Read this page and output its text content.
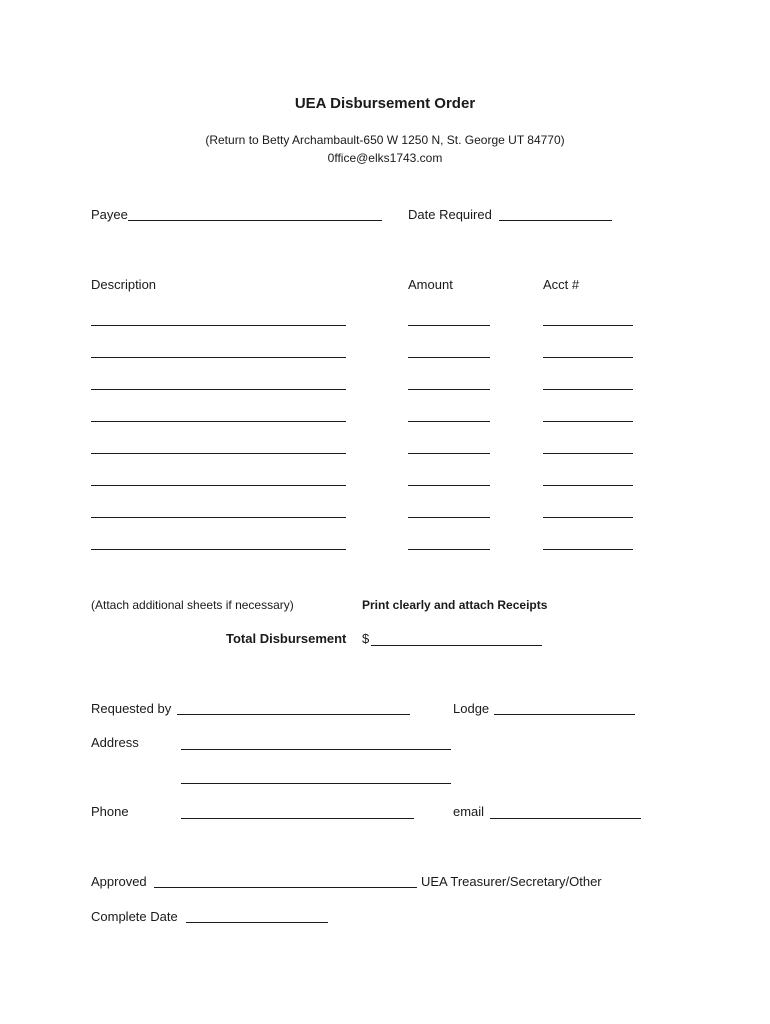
UEA Disbursement Order
(Return to Betty Archambault-650 W 1250 N, St. George UT 84770)
0ffice@elks1743.com
Payee	Date Required
Description	Amount	Acct #
(Attach additional sheets if necessary)	Print clearly and attach Receipts
Total Disbursement $
Requested by	Lodge
Address
Phone	email
Approved	UEA Treasurer/Secretary/Other
Complete Date
